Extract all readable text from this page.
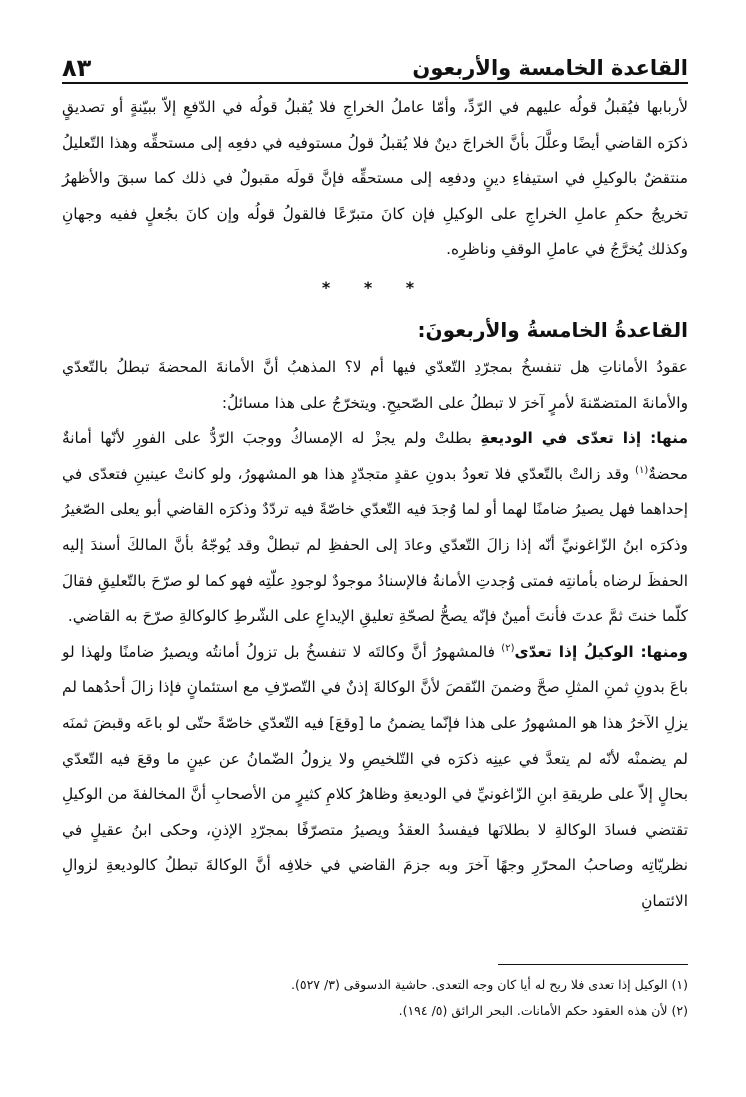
القاعدة الخامسة والأربعون
٨٣

لأربابها فيُقبلُ قولُه عليهم في الرّدِّ، وأمّا عاملُ الخراجِ فلا يُقبلُ قولُه في الدّفعِ إلاّ ببيّنةٍ أو تصديقٍ ذكرَه القاضي أيضًا وعلَّلَ بأنَّ الخراجَ دينٌ فلا يُقبلُ قولُ مستوفيه في دفعِه إلى مستحقِّه وهذا التّعليلُ منتقضٌ بالوكيلِ في استيفاءِ دينٍ ودفعِه إلى مستحقِّه فإنَّ قولَه مقبولٌ في ذلك كما سبقَ والأظهرُ تخريجُ حكمِ عاملِ الخراجِ على الوكيلِ فإن كانَ متبرّعًا فالقولُ قولُه وإن كانَ بجُعلٍ ففيه وجهانِ وكذلك يُخرَّجُ في عاملِ الوقفِ وناظرِه.

* * *

القاعدةُ الخامسةُ والأربعونَ:

عقودُ الأماناتِ هل تنفسخُ بمجرّدِ التّعدّي فيها أم لا؟ المذهبُ أنَّ الأمانةَ المحضةَ تبطلُ بالتّعدّي والأمانةَ المتضمّنةَ لأمرٍ آخرَ لا تبطلُ على الصّحيحِ. ويتخرّجُ على هذا مسائلُ:

منها: إذا تعدّى في الوديعةِ بطلتْ ولم يجزْ له الإمساكُ ووجبَ الرّدُّ على الفورِ لأنّها أمانةٌ محضةٌ$^{(١)}$ وقد زالتْ بالتّعدّي فلا تعودُ بدونِ عقدٍ متجدّدٍ هذا هو المشهورُ، ولو كانتْ عينينِ فتعدّى في إحداهما فهل يصيرُ ضامنًا لهما أو لما وُجدَ فيه التّعدّي خاصّةً فيه تردّدٌ وذكرَه القاضي أبو يعلى الصّغيرُ وذكرَه ابنُ الزّاغونيِّ أنّه إذا زالَ التّعدّي وعادَ إلى الحفظِ لم تبطلْ وقد يُوجّهُ بأنَّ المالكَ أسندَ إليه الحفظَ لرضاه بأمانتِه فمتى وُجدتِ الأمانةُ فالإسنادُ موجودٌ لوجودِ علّتِه فهو كما لو صرّحَ بالتّعليقِ فقالَ كلّما خنتَ ثمَّ عدتَ فأنتَ أمينٌ فإنّه يصحُّ لصحّةِ تعليقِ الإيداعِ على الشّرطِ كالوكالةِ صرّحَ به القاضي.

ومنها: الوكيلُ إذا تعدّى$^{(٢)}$ فالمشهورُ أنَّ وكالتَه لا تنفسخُ بل تزولُ أمانتُه ويصيرُ ضامنًا ولهذا لو باعَ بدونِ ثمنِ المثلِ صحَّ وضمنَ النّقصَ لأنَّ الوكالةَ إذنٌ في التّصرّفِ مع استئمانٍ فإذا زالَ أحدُهما لم يزلِ الآخرُ هذا هو المشهورُ على هذا فإنّما يضمنُ ما [وقعَ] فيه التّعدّي خاصّةً حتّى لو باعَه وقبضَ ثمنَه لم يضمنْه لأنّه لم يتعدَّ في عينِه ذكرَه في التّلخيصِ ولا يزولُ الضّمانُ عن عينٍ ما وقعَ فيه التّعدّي بحالٍ إلاّ على طريقةِ ابنِ الزّاغونيِّ في الوديعةِ وظاهرُ كلامِ كثيرٍ من الأصحابِ أنَّ المخالفةَ من الوكيلِ تقتضي فسادَ الوكالةِ لا بطلانَها فيفسدُ العقدُ ويصيرُ متصرّفًا بمجرّدِ الإذنِ، وحكى ابنُ عقيلٍ في نظريّاتِه وصاحبُ المحرّرِ وجهًا آخرَ وبه جزمَ القاضي في خلافِه أنَّ الوكالةَ تبطلُ كالوديعةِ لزوالِ الائتمانِ

(١) الوكيل إذا تعدى فلا ربح له أيا كان وجه التعدى. حاشية الدسوقى (٣/ ٥٢٧).
(٢) لأن هذه العقود حكم الأمانات. البحر الرائق (٥/ ١٩٤).
